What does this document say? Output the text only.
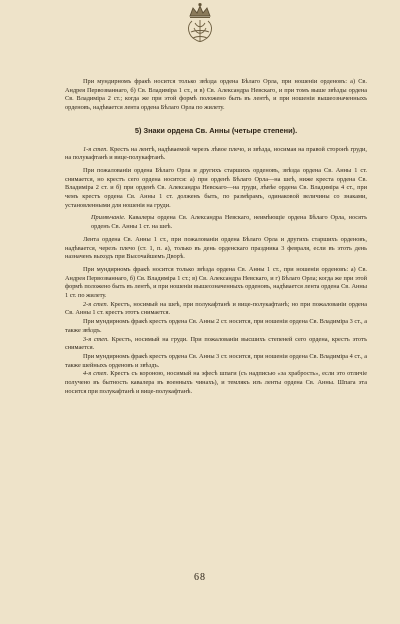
При мундирномъ фракѣ носится только звѣзда ордена Бѣлаго Орла, при ношеніи орденовъ: а) Св. Андрея Первозваннаго, б) Св. Владиміра 1 ст., и в) Св. Александра Невскаго, и при томъ выше звѣзды ордена Св. Владиміра 2 ст.; когда же при этой формѣ положено быть въ лентѣ, и при ношеніи вышеозначенныхъ орденовъ, надѣвается лента ордена Бѣлаго Орла по жилету.

5) Знаки ордена Св. Анны (четыре степени).

1-я степ. Крестъ на лентѣ, надѣваемой черезъ лѣвое плечо, и звѣзда, носимая на правой сторонѣ груди, на полукафтанѣ и вице-полукафтанѣ.

При пожалованіи ордена Бѣлаго Орла и другихъ старшихъ орденовъ, звѣзда ордена Св. Анны 1 ст. снимается, но крестъ сего ордена носится: а) при орденѣ Бѣлаго Орла—на шеѣ, ниже креста ордена Св. Владиміра 2 ст. и б) при орденѣ Св. Александра Невскаго—на груди, лѣвѣе ордена Св. Владиміра 4 ст., при чемъ крестъ ордена Св. Анны 1 ст. долженъ быть, по размѣрамъ, одинаковой величины со знаками, установленными для ношенія на груди.

Примѣчаніе. Кавалеры ордена Св. Александра Невскаго, неимѣющіе ордена Бѣлаго Орла, носятъ орденъ Св. Анны 1 ст. на шеѣ.

Лента ордена Св. Анны 1 ст., при пожалованіи ордена Бѣлаго Орла и другихъ старшихъ орденовъ, надѣвается, черезъ плечо (ст. 1, п. а), только въ день орденскаго праздника 3 февраля, если въ этотъ день назначенъ выходъ при Высочайшемъ Дворѣ.

При мундирномъ фракѣ носится только звѣзда ордена Св. Анны 1 ст., при ношеніи орденовъ: а) Св. Андрея Первозваннаго, б) Св. Владиміра 1 ст.; в) Св. Александра Невскаго, и г) Бѣлаго Орла; когда же при этой формѣ положено быть въ лентѣ, и при ношеніи вышеозначенныхъ орденовъ, надѣвается лента ордена Св. Анны 1 ст. по жилету.

2-я степ. Крестъ, носимый на шеѣ, при полукафтанѣ и вице-полукафтанѣ; но при пожалованіи ордена Св. Анны 1 ст. крестъ этотъ снимается.

При мундирномъ фракѣ крестъ ордена Св. Анны 2 ст. носится, при ношеніи ордена Св. Владиміра 3 ст., а также звѣздъ.

3-я степ. Крестъ, носимый на груди. При пожалованіи высшихъ степеней сего ордена, крестъ этотъ снимается.

При мундирномъ фракѣ крестъ ордена Св. Анны 3 ст. носится, при ношеніи ордена Св. Владиміра 4 ст., а также шейныхъ орденовъ и звѣздъ.

4-я степ. Крестъ съ короною, носимый на эфесѣ шпаги (съ надписью «за храбрость», если это отличіе получено въ бытность кавалера въ военныхъ чинахъ), и темлякъ изъ ленты ордена Св. Анны. Шпага эта носится при полукафтанѣ и вице-полукафтанѣ.

68
